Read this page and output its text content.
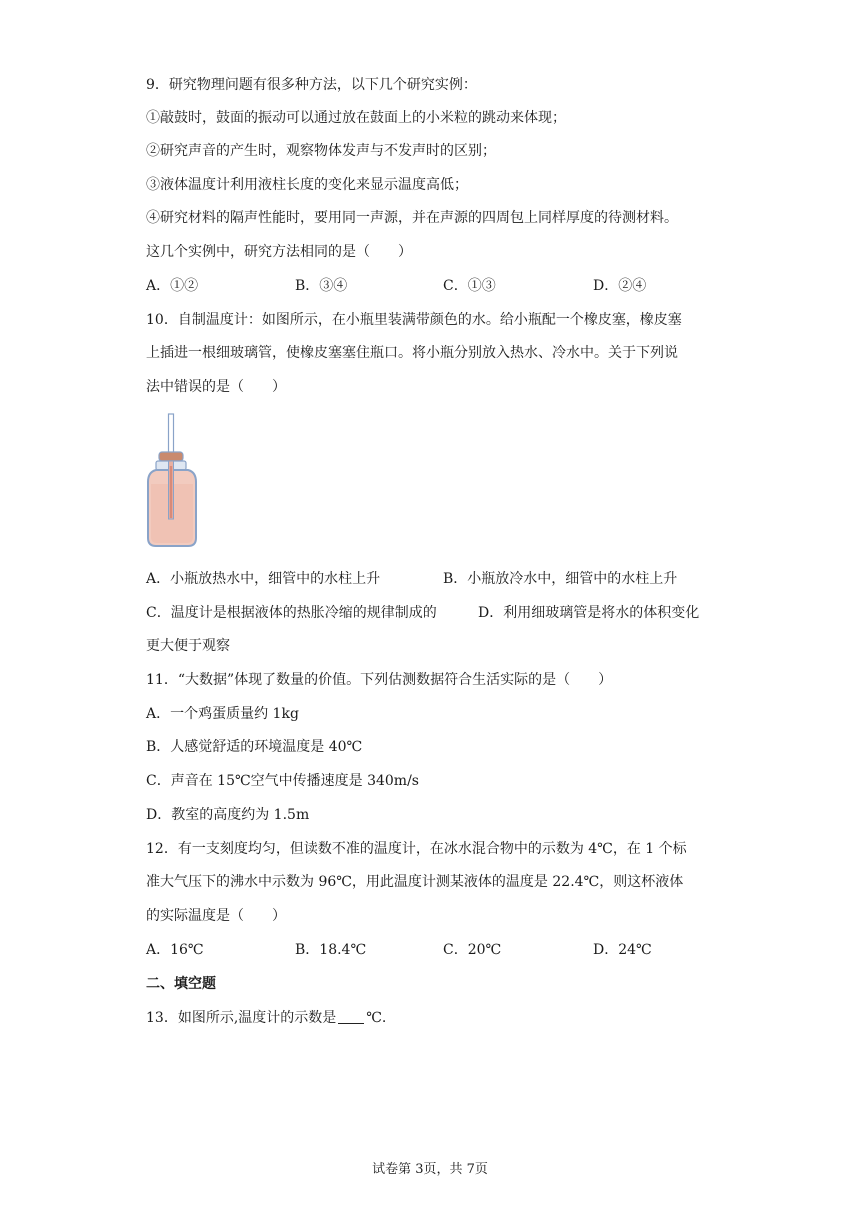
9．研究物理问题有很多种方法，以下几个研究实例：
①敲鼓时，鼓面的振动可以通过放在鼓面上的小米粒的跳动来体现；
②研究声音的产生时，观察物体发声与不发声时的区别；
③液体温度计利用液柱长度的变化来显示温度高低；
④研究材料的隔声性能时，要用同一声源，并在声源的四周包上同样厚度的待测材料。
这几个实例中，研究方法相同的是（　　）
A．①②	B．③④	C．①③	D．②④
10．自制温度计：如图所示，在小瓶里装满带颜色的水。给小瓶配一个橡皮塞，橡皮塞
上插进一根细玻璃管，使橡皮塞塞住瓶口。将小瓶分别放入热水、冷水中。关于下列说
法中错误的是（　　）
A．小瓶放热水中，细管中的水柱上升	B．小瓶放冷水中，细管中的水柱上升
C．温度计是根据液体的热胀冷缩的规律制成的	D．利用细玻璃管是将水的体积变化
更大便于观察
11．“大数据”体现了数量的价值。下列估测数据符合生活实际的是（　　）
A．一个鸡蛋质量约 1kg
B．人感觉舒适的环境温度是 40℃
C．声音在 15℃空气中传播速度是 340m/s
D．教室的高度约为 1.5m
12．有一支刻度均匀，但读数不准的温度计，在冰水混合物中的示数为 4℃，在 1 个标
准大气压下的沸水中示数为 96℃，用此温度计测某液体的温度是 22.4℃，则这杯液体
的实际温度是（　　）
A．16℃	B．18.4℃	C．20℃	D．24℃
二、填空题
13．如图所示,温度计的示数是 ℃.
试卷第 3页，共 7页
